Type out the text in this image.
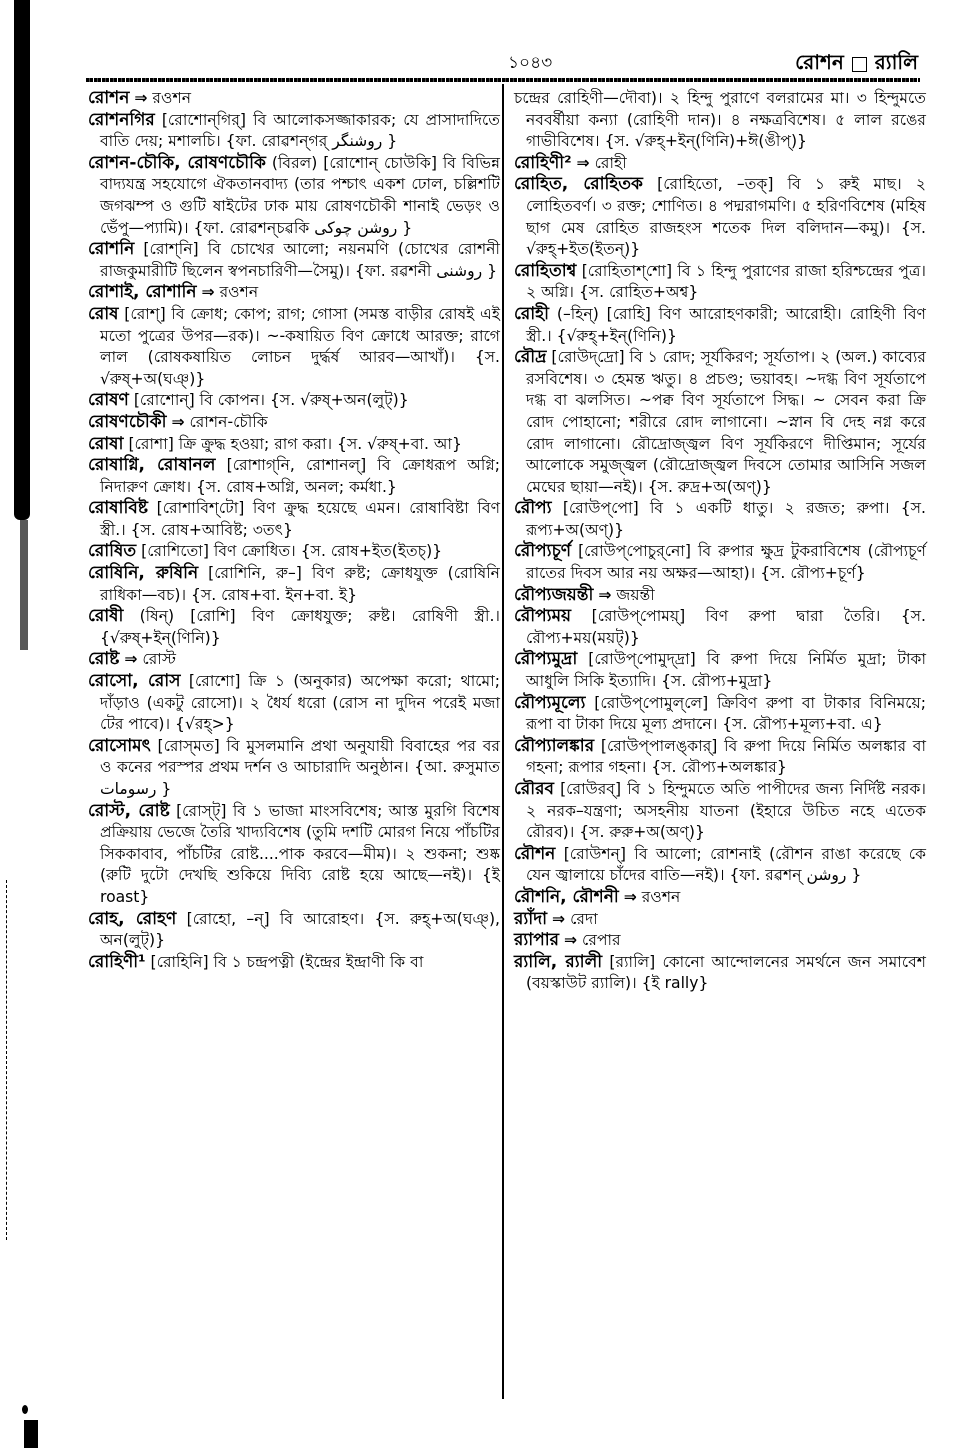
১০৪৩	রোশন র‍্যালি

রোশন ⇒ রওশন

রোশনগির [রোশোন্‌গির্] বি আলোকসজ্জাকারক; যে প্রাসাদাদিতে বাতি দেয়; মশালচি। {ফা. রোৱশন্‌গর্ روشنگر }

রোশন-চৌকি, রোষণচৌকি (বিরল) [রোশোন্‌ চোউকি] বি বিভিন্ন বাদ্যযন্ত্র সহযোগে ঐকতানবাদ্য (তার পশ্চাৎ একশ ঢোল, চল্লিশটি জগঝম্প ও গুটি ষাইটের ঢাক মায় রোষণচৌকী শানাই ভেড়ং ও ভেঁপু—প্যামি)। {ফা. রোৱশন্‌চৱকি روشن چوکی }

রোশনি [রোশ্‌নি] বি চোখের আলো; নয়নমণি (চোখের রোশনী রাজকুমারীটি ছিলেন স্বপনচারিণী—সৈমু)। {ফা. রৱশনী روشنی }

রোশাই, রোশানি ⇒ রওশন

রোষ [রোশ্] বি ক্রোধ; কোপ; রাগ; গোসা (সমস্ত বাড়ীর রোষই এই মতো পুত্রের উপর—রক)। ~-কষায়িত বিণ ক্রোধে আরক্ত; রাগে লাল (রোষকষায়িত লোচন দুর্দ্ধর্ষ আরব—আখাঁ)। {স. √রুষ্‌+অ(ঘঞ্‌)}

রোষণ [রোশোন্] বি কোপন। {স. √রুষ্‌+অন(লুট্‌)}

রোষণচৌকী ⇒ রোশন-চৌকি

রোষা [রোশা] ক্রি ক্রুদ্ধ হওয়া; রাগ করা। {স. √রুষ্‌+বা. আ}

রোষাগ্নি, রোষানল [রোশাগ্‌নি, রোশানল্] বি ক্রোধরূপ অগ্নি; নিদারুণ ক্রোধ। {স. রোষ+অগ্নি, অনল; কর্মধা.}

রোষাবিষ্ট [রোশাবিশ্‌টো] বিণ ক্রুদ্ধ হয়েছে এমন। রোষাবিষ্টা বিণ স্ত্রী.। {স. রোষ+আবিষ্ট; ৩তৎ}

রোষিত [রোশিতো] বিণ ক্রোধিত। {স. রোষ+ইত(ইতচ্‌)}

রোষিনি, রুষিনি [রোশিনি, রু–] বিণ রুষ্ট; ক্রোধযুক্ত (রোষিনি রাধিকা—বচ)। {স. রোষ+বা. ইন+বা. ই}

রোষী (ষিন্) [রোশি] বিণ ক্রোধযুক্ত; রুষ্ট। রোষিণী স্ত্রী.। {√রুষ্‌+ইন্(ণিনি)}

রোষ্ট ⇒ রোস্ট

রোসো, রোস [রোশো] ক্রি ১ (অনুকার) অপেক্ষা করো; থামো; দাঁড়াও (একটু রোসো)। ২ ধৈর্য ধরো (রোস না দুদিন পরেই মজা টের পাবে)। {√রহ্‌>}

রোসোমৎ [রোস্‌মত] বি মুসলমানি প্রথা অনুযায়ী বিবাহের পর বর ও কনের পরস্পর প্রথম দর্শন ও আচারাদি অনুষ্ঠান। {আ. রুসুমাত رسومات }

রোস্ট, রোষ্ট [রোস্‌ট্] বি ১ ভাজা মাংসবিশেষ; আস্ত মুরগি বিশেষ প্রক্রিয়ায় ভেজে তৈরি খাদ্যবিশেষ (তুমি দশটি মোরগ নিয়ে পাঁচটির সিককাবাব, পাঁচটির রোষ্ট....পাক করবে—মীম)। ২ শুকনা; শুষ্ক (রুটি দুটো দেখছি শুকিয়ে দিব্যি রোষ্ট হয়ে আছে—নই)। {ই roast}

রোহ, রোহণ [রোহো, –ন্] বি আরোহণ। {স. রুহ্‌+অ(ঘঞ্‌), অন(লুট্‌)}

রোহিণী¹ [রোহিনি] বি ১ চন্দ্রপত্নী (ইন্দ্রের ইন্দ্রাণী কি বা

চন্দ্রের রোহিণী—দৌবা)। ২ হিন্দু পুরাণে বলরামের মা। ৩ হিন্দুমতে নববর্ষীয়া কন্যা (রোহিণী দান)। ৪ নক্ষত্রবিশেষ। ৫ লাল রঙের গাভীবিশেষ। {স. √রুহ্‌+ইন্(ণিনি)+ঈ(ঙীপ্)}

রোহিণী² ⇒ রোহী

রোহিত, রোহিতক [রোহিতো, –তক্] বি ১ রুই মাছ। ২ লোহিতবর্ণ। ৩ রক্ত; শোণিত। ৪ পদ্মরাগমণি। ৫ হরিণবিশেষ (মহিষ ছাগ মেষ রোহিত রাজহংস শতেক দিল বলিদান—কমু)। {স. √রুহ্‌+ইত(ইতন্)}

রোহিতাশ্ব [রোহিতাশ্‌শো] বি ১ হিন্দু পুরাণের রাজা হরিশ্চন্দ্রের পুত্র। ২ অগ্নি। {স. রোহিত+অশ্ব}

রোহী (–হিন্) [রোহি] বিণ আরোহণকারী; আরোহী। রোহিণী বিণ স্ত্রী.। {√রুহ্‌+ইন্(ণিনি)}

রৌদ্র [রোউদ্‌দ্রো] বি ১ রোদ; সূর্যকিরণ; সূর্যতাপ। ২ (অল.) কাব্যের রসবিশেষ। ৩ হেমন্ত ঋতু। ৪ প্রচণ্ড; ভয়াবহ। ~দগ্ধ বিণ সূর্যতাপে দগ্ধ বা ঝলসিত। ~পক্ব বিণ সূর্যতাপে সিদ্ধ। ~ সেবন করা ক্রি রোদ পোহানো; শরীরে রোদ লাগানো। ~স্নান বি দেহ নগ্ন করে রোদ লাগানো। রৌদ্রোজ্জ্বল বিণ সূর্যকিরণে দীপ্তিমান; সূর্যের আলোকে সমুজ্জ্বল (রৌদ্রোজ্জ্বল দিবসে তোমার আসিনি সজল মেঘের ছায়া—নই)। {স. রুদ্র+অ(অণ্)}

রৌপ্য [রোউপ্‌পো] বি ১ একটি ধাতু। ২ রজত; রুপা। {স. রূপ্য+অ(অণ্)}

রৌপ্যচূর্ণ [রোউপ্‌পোচুর্‌নো] বি রুপার ক্ষুদ্র টুকরাবিশেষ (রৌপ্যচূর্ণ রাতের দিবস আর নয় অক্ষর—আহা)। {স. রৌপ্য+চূর্ণ}

রৌপ্যজয়ন্তী ⇒ জয়ন্তী

রৌপ্যময় [রোউপ্‌পোময়্] বিণ রুপা দ্বারা তৈরি। {স. রৌপ্য+ময়(ময়ট্)}

রৌপ্যমুদ্রা [রোউপ্‌পোমুদ্‌দ্রা] বি রুপা দিয়ে নির্মিত মুদ্রা; টাকা আধুলি সিকি ইত্যাদি। {স. রৌপ্য+মুদ্রা}

রৌপ্যমূল্যে [রোউপ্‌পোমুল্‌লে] ক্রিবিণ রুপা বা টাকার বিনিময়ে; রূপা বা টাকা দিয়ে মূল্য প্রদানে। {স. রৌপ্য+মূল্য+বা. এ}

রৌপ্যালঙ্কার [রোউপ্‌পালঙ্‌কার্] বি রুপা দিয়ে নির্মিত অলঙ্কার বা গহনা; রূপার গহনা। {স. রৌপ্য+অলঙ্কার}

রৌরব [রোউরব্] বি ১ হিন্দুমতে অতি পাপীদের জন্য নির্দিষ্ট নরক। ২ নরক–যন্ত্রণা; অসহনীয় যাতনা (ইহারে উচিত নহে এতেক রৌরব)। {স. রুরু+অ(অণ্)}

রৌশন [রোউশন্] বি আলো; রোশনাই (রৌশন রাঙা করেছে কে যেন জ্বালায়ে চাঁদের বাতি—নই)। {ফা. রৱশন্ روشن }

রৌশনি, রৌশনী ⇒ রওশন

র‍্যাঁদা ⇒ রেদা

র‍্যাপার ⇒ রেপার

র‍্যালি, র‍্যালী [র‍্যালি] কোনো আন্দোলনের সমর্থনে জন সমাবেশ (বয়স্কাউট র‍্যালি)। {ই rally}
